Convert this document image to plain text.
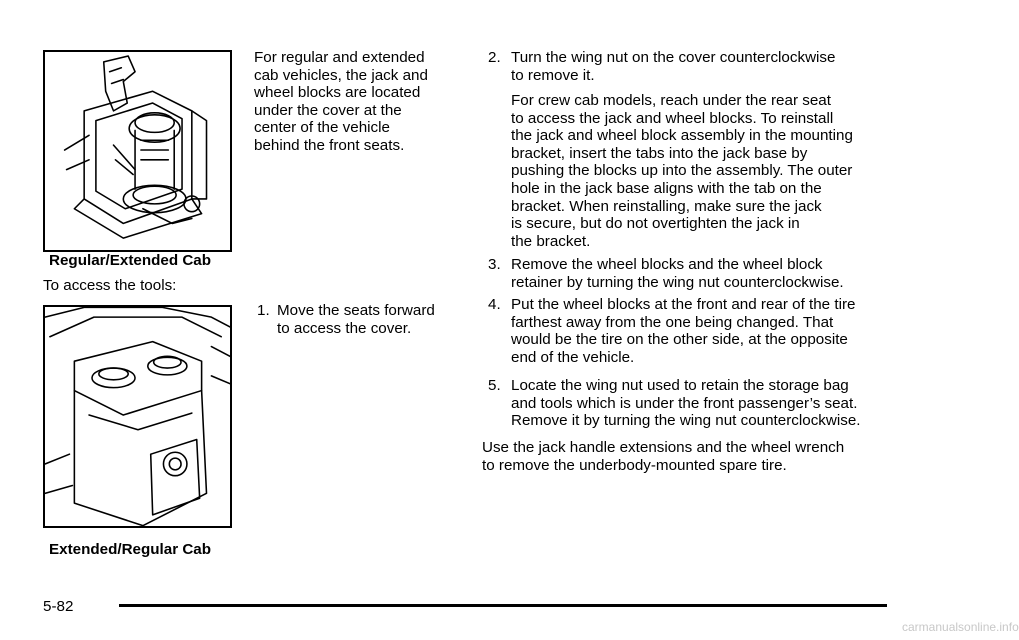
Regular/Extended Cab

To access the tools:

Extended/Regular Cab

For regular and extended

cab vehicles, the jack and

wheel blocks are located

under the cover at the

center of the vehicle

behind the front seats.

1. Move the seats forward
to access the cover.
2. Turn the wing nut on the cover counterclockwise
to remove it.

For crew cab models, reach under the rear seat

to access the jack and wheel blocks. To reinstall

the jack and wheel block assembly in the mounting

bracket, insert the tabs into the jack base by

pushing the blocks up into the assembly. The outer

hole in the jack base aligns with the tab on the

bracket. When reinstalling, make sure the jack

is secure, but do not overtighten the jack in

the bracket.

3. Remove the wheel blocks and the wheel block
retainer by turning the wing nut counterclockwise.
4. Put the wheel blocks at the front and rear of the tire
farthest away from the one being changed. That
would be the tire on the other side, at the opposite
end of the vehicle.
5. Locate the wing nut used to retain the storage bag
and tools which is under the front passenger’s seat.
Remove it by turning the wing nut counterclockwise.

Use the jack handle extensions and the wheel wrench

to remove the underbody-mounted spare tire.

5-82

carmanualsonline.info
